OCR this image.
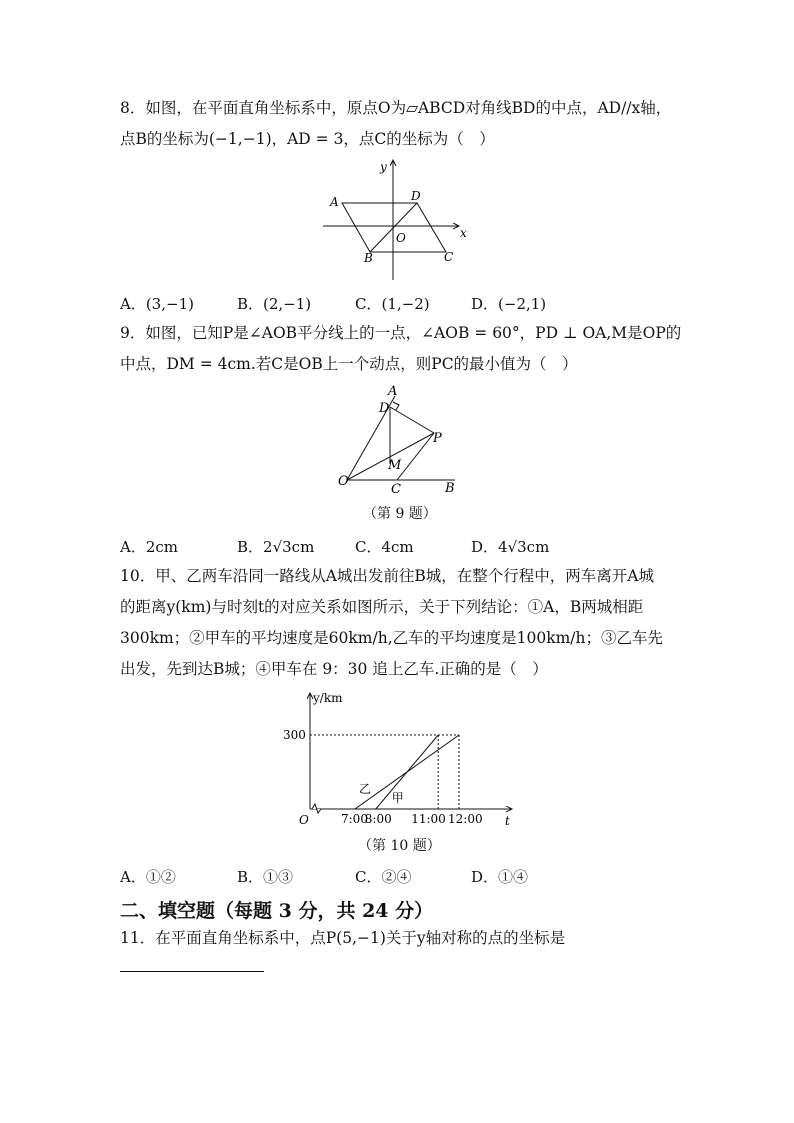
8．如图，在平面直角坐标系中，原点O为▱ABCD对角线BD的中点，AD//x轴，
点B的坐标为(−1,−1)，AD = 3，点C的坐标为（　）
y
x
A	D
O
B	C
A．(3,−1)	B．(2,−1)	C．(1,−2)	D．(−2,1)
9．如图，已知P是∠AOB平分线上的一点，∠AOB = 60°，PD ⊥ OA,M是OP的
中点，DM = 4cm.若C是OB上一个动点，则PC的最小值为（　）
A
D
P
M
O
C	B
（第 9 题）
A．2cm	B．2√3cm	C．4cm	D．4√3cm
10．甲、乙两车沿同一路线从A城出发前往B城，在整个行程中，两车离开A城
的距离y(km)与时刻t的对应关系如图所示，关于下列结论：①A，B两城相距
300km；②甲车的平均速度是60km/h,乙车的平均速度是100km/h；③乙车先
出发，先到达B城；④甲车在 9：30 追上乙车.正确的是（　）
y/km
t
O
300
乙
甲
7:00
8:00 11:00 12:00
（第 10 题）
A．①②	B．①③	C．②④	D．①④
二、填空题（每题 3 分，共 24 分）
11．在平面直角坐标系中，点P(5,−1)关于y轴对称的点的坐标是
